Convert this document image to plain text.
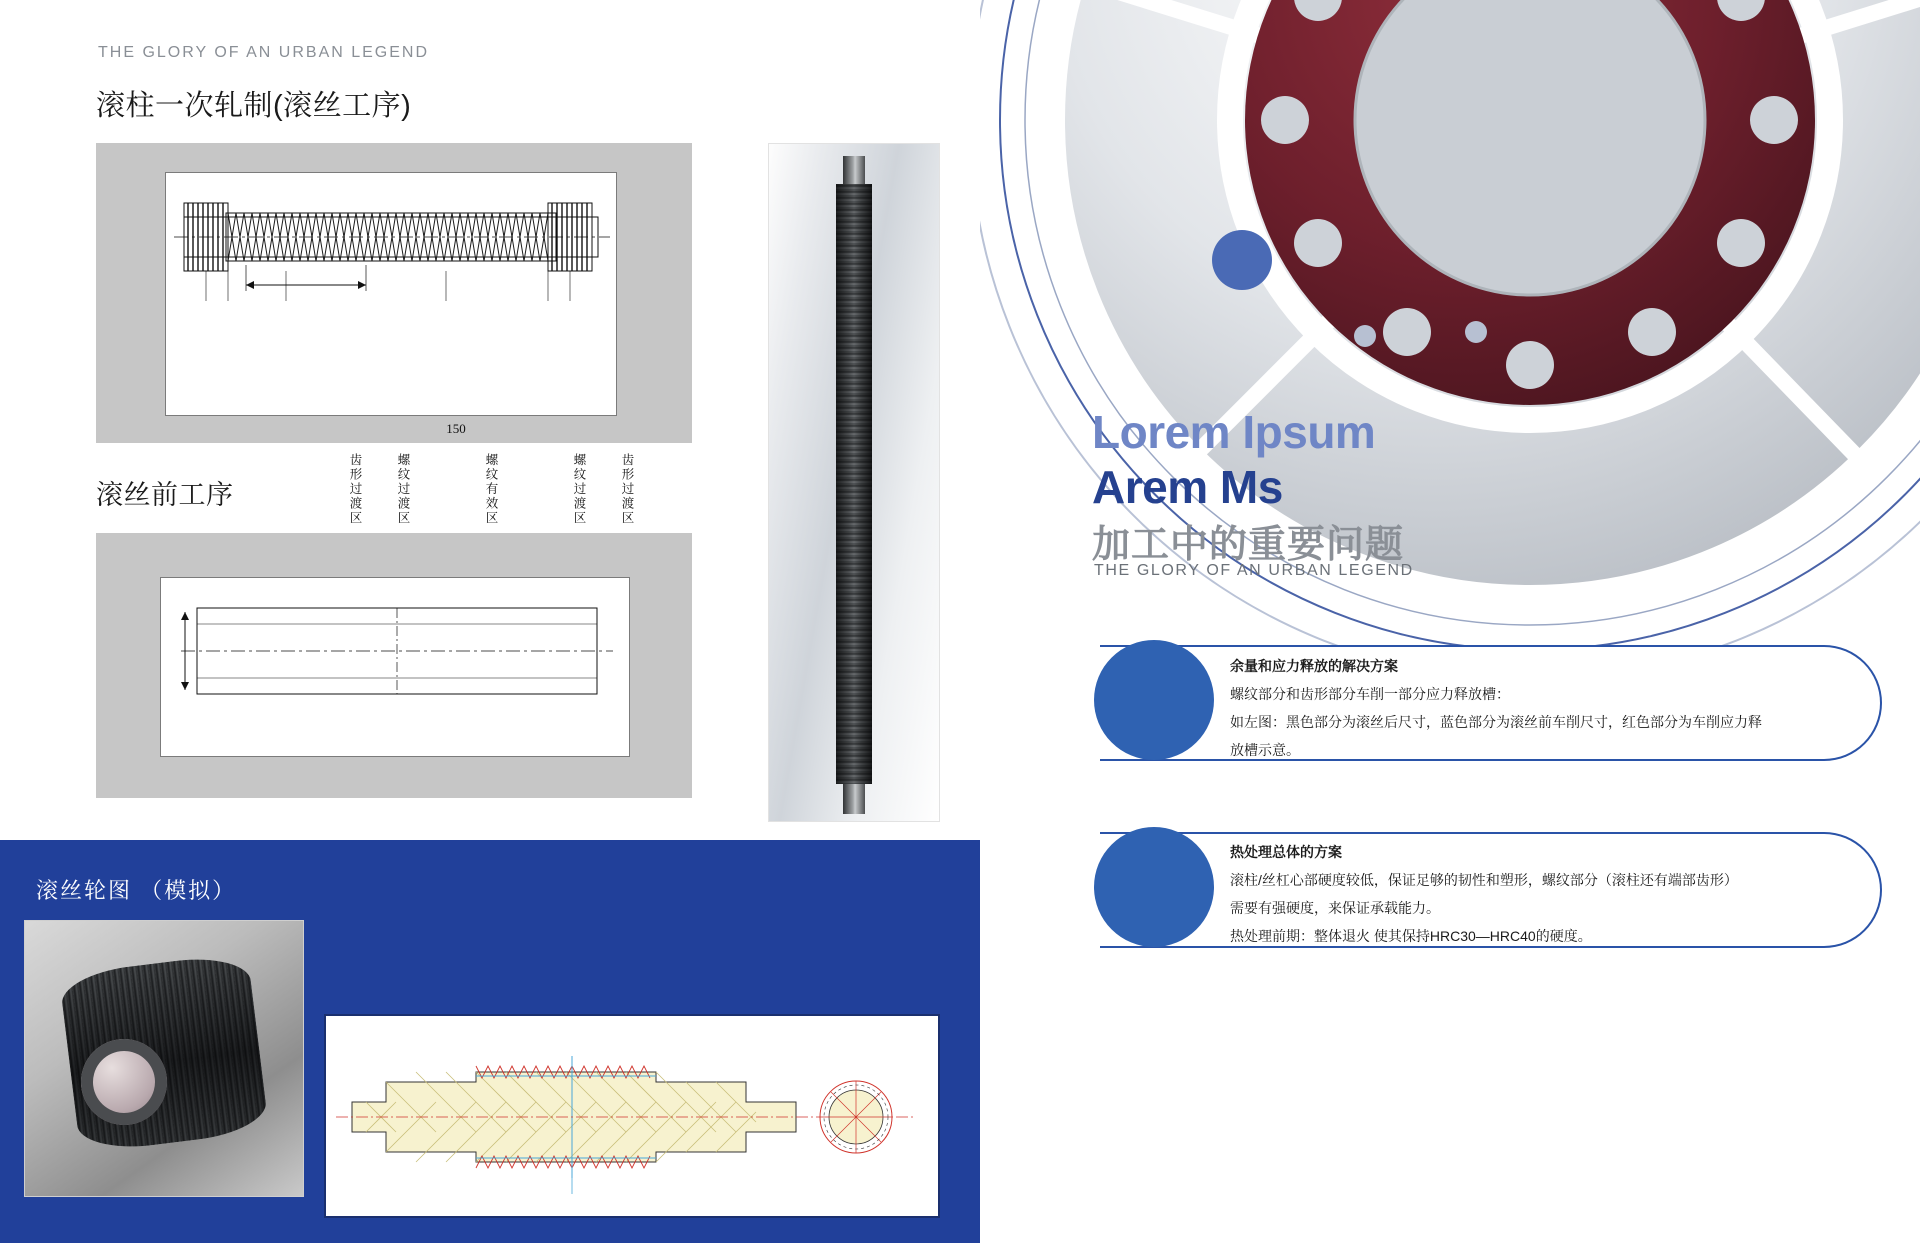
THE GLORY OF AN URBAN LEGEND
滚柱一次轧制(滚丝工序)
150
齿形过渡区	螺纹过渡区	螺纹有效区	螺纹过渡区	齿形过渡区
滚丝前工序
滚丝轮图 （模拟）
Lorem Ipsum
Arem Ms
加工中的重要问题
THE GLORY OF AN URBAN LEGEND
余量和应力释放的解决方案
螺纹部分和齿形部分车削一部分应力释放槽：
如左图：黑色部分为滚丝后尺寸，蓝色部分为滚丝前车削尺寸，红色部分为车削应力释
放槽示意。
热处理总体的方案
滚柱/丝杠心部硬度较低，保证足够的韧性和塑形，螺纹部分（滚柱还有端部齿形）
需要有强硬度，来保证承载能力。
热处理前期：整体退火 使其保持HRC30—HRC40的硬度。
